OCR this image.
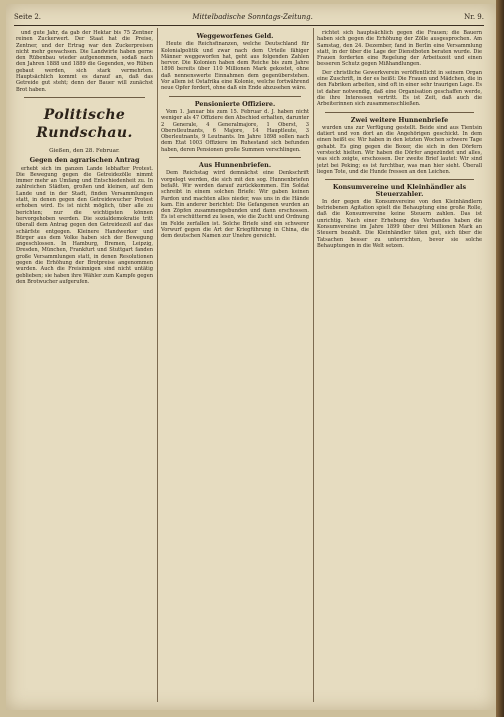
Seite 2.	Mittelbadische Sonntags-Zeitung.	Nr. 9.

und gute Jahr, da gab der Hektar bis 75 Zentner reinen Zuckerwert. Der Staat hat die Preise, Zentner, und der Ertrag war den Zuckerpreisen nicht mehr gewachsen. Die Landwirte haben gerne den Rübenbau wieder aufgenommen, sodaß nach den Jahren 1888 und 1889 die Gegenden, wo Rüben gebaut werden, sich stark vermehrten. Hauptsächlich kommt es darauf an, daß das Getreide gut steht; denn der Bauer will zunächst Brot haben.

Politische Rundschau.
Gießen, den 28. Februar.
Gegen den agrarischen Antrag

erhebt sich im ganzen Lande lebhafter Protest. Die Bewegung gegen die Getreidezölle nimmt immer mehr an Umfang und Entschiedenheit zu. In zahlreichen Städten, großen und kleinen, auf dem Lande und in der Stadt, finden Versammlungen statt, in denen gegen den Getreidewucher Protest erhoben wird. Es ist nicht möglich, über alle zu berichten; nur die wichtigsten können hervorgehoben werden. Die sozialdemokratie tritt überall dem Antrag gegen den Getreidezoll auf das schärfste entgegen. Kleinere Handwerker und Bürger aus dem Volke haben sich der Bewegung angeschlossen. In Hamburg, Bremen, Leipzig, Dresden, München, Frankfurt und Stuttgart fanden große Versammlungen statt, in denen Resolutionen gegen die Erhöhung der Brotpreise angenommen wurden. Auch die Freisinnigen sind nicht untätig geblieben; sie haben ihre Wähler zum Kampfe gegen den Brotwucher aufgerufen.

Weggeworfenes Geld.

Heute die Reichsfinanzen, welche Deutschland für Kolonialpolitik und zwar nach dem Urteile fähiger Männer weggeworfen hat, geht aus folgenden Zahlen hervor. Die Kolonien haben dem Reiche bis zum Jahre 1898 bereits über 110 Millionen Mark gekostet, ohne daß nennenswerte Einnahmen dem gegenüberstehen. Vor allem ist Ostafrika eine Kolonie, welche fortwährend neue Opfer fordert, ohne daß ein Ende abzusehen wäre.

Pensionierte Offiziere.

Vom 1. Januar bis zum 15. Februar d. J. haben nicht weniger als 47 Offiziere den Abschied erhalten, darunter 2 Generale, 4 Generalmajore, 1 Oberst, 3 Oberstleutnants, 6 Majore, 14 Hauptleute, 3 Oberleutnants, 9 Leutnants. Im Jahre 1898 sollen nach dem Etat 1003 Offiziere im Ruhestand sich befunden haben, deren Pensionen große Summen verschlingen.

Aus Hunnenbriefen.

Dem Reichstag wird demnächst eine Denkschrift vorgelegt werden, die sich mit den sog. Hunnenbriefen befaßt. Wir werden darauf zurückkommen. Ein Soldat schreibt in einem solchen Briefe: Wir gaben keinen Pardon und machten alles nieder, was uns in die Hände kam. Ein anderer berichtet: Die Gefangenen wurden an den Zöpfen zusammengebunden und dann erschossen. Es ist erschütternd zu lesen, wie die Zucht und Ordnung im Felde zerfallen ist. Solche Briefe sind ein schwerer Vorwurf gegen die Art der Kriegführung in China, die dem deutschen Namen zur Unehre gereicht.

richtet sich hauptsächlich gegen die Frauen; die Bauern haben sich gegen die Erhöhung der Zölle ausgesprochen. Am Samstag, den 24. Dezember, fand in Berlin eine Versammlung statt, in der über die Lage der Dienstboten beraten wurde. Die Frauen forderten eine Regelung der Arbeitszeit und einen besseren Schutz gegen Mißhandlungen.

Der christliche Gewerkverein veröffentlicht in seinem Organ eine Zuschrift, in der es heißt: Die Frauen und Mädchen, die in den Fabriken arbeiten, sind oft in einer sehr traurigen Lage. Es ist daher notwendig, daß eine Organisation geschaffen werde, die ihre Interessen vertritt. Es ist Zeit, daß auch die Arbeiterinnen sich zusammenschließen.

Zwei weitere Hunnenbriefe

wurden uns zur Verfügung gestellt. Beide sind aus Tientsin datiert und von dort an die Angehörigen geschickt. In dem einen heißt es: Wir haben in den letzten Wochen schwere Tage gehabt. Es ging gegen die Boxer, die sich in den Dörfern versteckt hielten. Wir haben die Dörfer angezündet und alles, was sich zeigte, erschossen. Der zweite Brief lautet: Wir sind jetzt bei Peking; es ist furchtbar, was man hier sieht. Überall liegen Tote, und die Hunde fressen an den Leichen.

Konsumvereine und Kleinhändler als Steuerzahler.

In der gegen die Konsumvereine von den Kleinhändlern betriebenen Agitation spielt die Behauptung eine große Rolle, daß die Konsumvereine keine Steuern zahlen. Das ist unrichtig. Nach einer Erhebung des Verbandes haben die Konsumvereine im Jahre 1899 über drei Millionen Mark an Steuern bezahlt. Die Kleinhändler täten gut, sich über die Tatsachen besser zu unterrichten, bevor sie solche Behauptungen in die Welt setzen.
